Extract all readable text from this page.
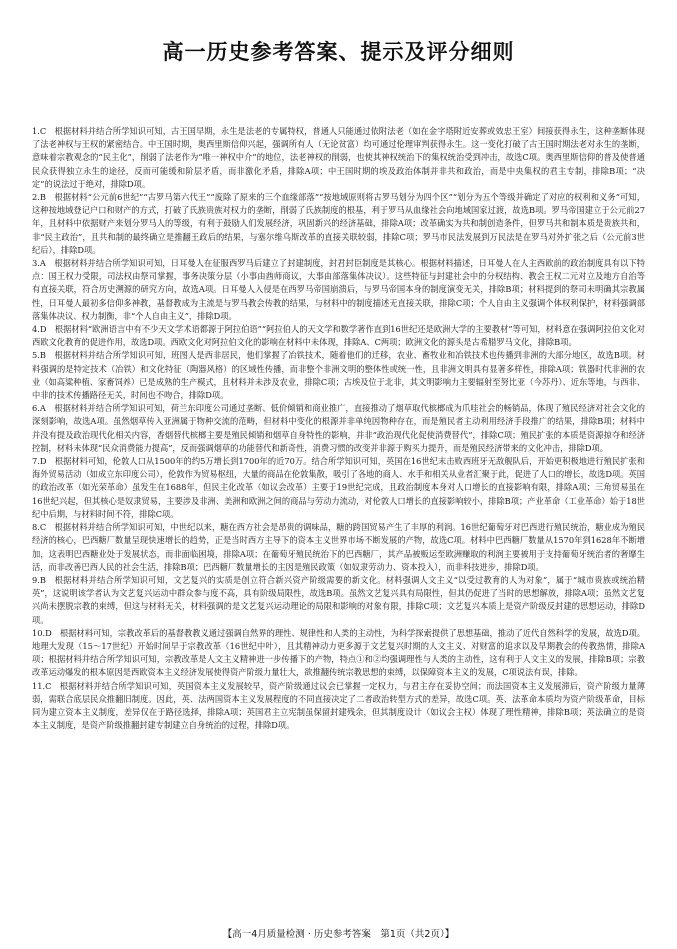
高一历史参考答案、提示及评分细则

1.C　 根据材料并结合所学知识可知，古王国早期，永生是法老的专属特权，普通人只能通过依附法老（如在金字塔附近安葬或效忠王室）间接获得永生，这种垄断体现了法老神权与王权的紧密结合。中王国时期，奥西里斯信仰兴起，强调所有人（无论贫富）均可通过伦理审判获得永生。这一变化打破了古王国时期法老对永生的垄断，意味着宗教观念的“民主化”，削弱了法老作为“唯一神权中介”的地位，法老神权的削弱，也使其神权统治下的集权统治受到冲击，故选C项。奥西里斯信仰的普及使普通民众获得独立永生的途径，反而可能缓和阶层矛盾，而非激化矛盾，排除A项；中王国时期的埃及政治体制并非共和政治，而是中央集权的君主专制，排除B项；“决定”的说法过于绝对，排除D项。

2.B　 根据材料“公元前6世纪”“古罗马第六代王”“废除了原来的三个血缘部落”“按地域原则将古罗马划分为四个区”“划分为五个等级并确定了对应的权利和义务”可知，这种按地域登记户口和财产的方式，打破了氏族贵族对权力的垄断，削弱了氏族制度的根基，利于罗马从血缘社会向地域国家过渡，故选B项。罗马帝国建立于公元前27年，且材料中依据财产来划分罗马人的等级，有利于鼓励人们发展经济，巩固新兴的经济基础，排除A项；改革确实为共和制创造条件，但罗马共和制本质是贵族共和，非“民主政治”，且共和制的最终确立是推翻王政后的结果，与塞尔维乌斯改革的直接关联较弱，排除C项；罗马市民法发展到万民法是在罗马对外扩张之后（公元前3世纪后），排除D项。

3.A　 根据材料并结合所学知识可知，日耳曼人在征服西罗马后建立了封建制度，封君封臣制度是其核心。根据材料描述，日耳曼人在人主西欧前的政治制度具有以下特点：国王权力受限，司法权由祭司掌握，事务决策分层（小事由酋师商议，大事由部落集体决议）。这些特征与封建社会中的分权结构、教会王权二元对立及地方自治等有直接关联，符合历史溯源的研究方向，故选A项。日耳曼人入侵是在西罗马帝国崩溃后，与罗马帝国本身的制度演变无关，排除B项；材料提到的祭司未明确其宗教属性，日耳曼人最初多信仰多神教，基督教成为主流是与罗马教会传教的结果，与材料中的制度描述无直接关联，排除C项；个人自由主义强调个体权利保护，材料强调部落集体决议、权力制衡，非“个人自由主义”，排除D项。

4.D　 根据材料“欧洲语言中有不少天文学术语都源于阿拉伯语”“阿拉伯人的天文学和数学著作直到16世纪还是欧洲大学的主要教材”等可知，材料意在强调阿拉伯文化对西欧文化教育的促进作用，故选D项。西欧文化对阿拉伯文化的影响在材料中未体现，排除A、C两项；欧洲文化的源头是古希腊罗马文化，排除B项。

5.B　 根据材料并结合所学知识可知，班图人是西非居民，他们掌握了冶铁技术，随着他们的迁移，农业、畜牧业和冶铁技术也传播到非洲的大部分地区，故选B项。材料强调的是特定技术（冶铁）和文化特征（陶器风格）的区域性传播，而非整个非洲文明的整体性或统一性，且非洲文明具有显著多样性，排除A项；铁器时代非洲的农业（如高粱种植、家畜饲养）已是成熟的生产模式，且材料并未涉及农业，排除C项；古埃及位于北非，其文明影响力主要辐射至努比亚（今苏丹）、近东等地，与西非、中非的技术传播路径无关，时间也不吻合，排除D项。

6.A　 根据材料并结合所学知识可知，荷兰东印度公司通过垄断、低价倾销和商业推广，直接推动了烟草取代槟榔成为爪哇社会的畅销品，体现了殖民经济对社会文化的深刻影响，故选A项。虽然烟草传入亚洲属于物种交流的范畴，但材料中变化的根源并非单纯因物种存在，而是殖民者主动利用经济手段推广的结果，排除B项；材料中并没有提及政治现代化相关内容，香烟替代槟榔主要是殖民倾销和烟草自身特性的影响，并非“政治现代化促使消费替代”，排除C项；殖民扩张的本质是资源掠夺和经济控制，材料未体现“民众消费能力提高”，反而强调烟草的功能替代和新奇性，消费习惯的改变并非源于购买力提升，而是殖民经济带来的文化冲击，排除D项。

7.D　 根据材料可知，伦敦人口从1500年的约5万增长到1700年的近70万。结合所学知识可知，英国在16世纪末击败西班牙无敌舰队后，开始更积极地进行殖民扩张和海外贸易活动（如成立东印度公司），伦敦作为贸易枢纽，大量的商品在伦敦集散，吸引了各地的商人、水手和相关从业者汇聚于此，促进了人口的增长，故选D项。英国的政治改革（如光荣革命）虽发生在1688年，但民主化改革（如议会改革）主要于19世纪完成，且政治制度本身对人口增长的直接影响有限，排除A项；三角贸易虽在16世纪兴起，但其核心是奴隶贸易，主要涉及非洲、美洲和欧洲之间的商品与劳动力流动，对伦敦人口增长的直接影响较小，排除B项；产业革命（工业革命）始于18世纪中后期，与材料时间不符，排除C项。

8.C　 根据材料并结合所学知识可知，中世纪以来，糖在西方社会是昂贵的调味品，糖的跨国贸易产生了丰厚的利润。16世纪葡萄牙对巴西进行殖民统治，糖业成为殖民经济的核心，巴西糖厂数量呈现快速增长的趋势，正是当时西方主导下的资本主义世界市场不断发展的产物，故选C项。材料中巴西糖厂数量从1570年到1628年不断增加，这表明巴西糖业处于发展状态，而非面临困境，排除A项；在葡萄牙殖民统治下的巴西糖厂，其产品被贩运至欧洲赚取的利润主要被用于支持葡萄牙统治者的奢靡生活，而非改善巴西人民的社会生活，排除B项；巴西糖厂数量增长的主因是殖民政策（如奴隶劳动力、资本投入），而非科技进步，排除D项。

9.B　 根据材料并结合所学知识可知，文艺复兴的实质是创立符合新兴资产阶级需要的新文化。材料强调人文主义“以受过教育的人为对象”，属于“城市贵族或统治精英”，这说明该学者认为文艺复兴运动中群众参与度不高，具有阶级局限性，故选B项。虽然文艺复兴具有局限性，但其仍促进了当时的思想解放，排除A项；虽然文艺复兴尚未摆脱宗教的束缚，但这与材料无关，材料强调的是文艺复兴运动理论的局限和影响的对象有限，排除C项；文艺复兴本质上是资产阶级反封建的思想运动，排除D项。

10.D　 根据材料可知，宗教改革后的基督教教义通过强调自然界的理性、规律性和人类的主动性，为科学探索提供了思想基础，推动了近代自然科学的发展，故选D项。地理大发现（15～17世纪）开始时间早于宗教改革（16世纪中叶），且其精神动力更多源于文艺复兴时期的人文主义、对财富的追求以及早期教会的传教热情，排除A项；根据材料并结合所学知识可知，宗教改革是人文主义精神进一步传播下的产物，特点①和②均强调理性与人类的主动性，这有利于人文主义的发展，排除B项；宗教改革运动爆发的根本原因是西欧资本主义经济发展使得资产阶级力量壮大，欲推翻传统宗教思想的束缚，以保障资本主义的发展，C项说法有误，排除。

11.C　 根据材料并结合所学知识可知，英国资本主义发展较早，资产阶级通过议会已掌握一定权力，与君主存在妥协空间；而法国资本主义发展滞后，资产阶级力量薄弱，需联合底层民众推翻旧制度。因此，英、法两国资本主义发展程度的不同直接决定了二者政治转型方式的差异，故选C项。英、法革命本质均为资产阶级革命，目标同为建立资本主义制度，差异仅在于路径选择，排除A项；英国君主立宪制虽保留封建残余，但其制度设计（如议会主权）体现了理性精神，排除B项；英法确立的是资本主义制度，是资产阶级推翻封建专制建立自身统治的过程，排除D项。

【高一4月质量检测 · 历史参考答案　第1页（共2页）】
